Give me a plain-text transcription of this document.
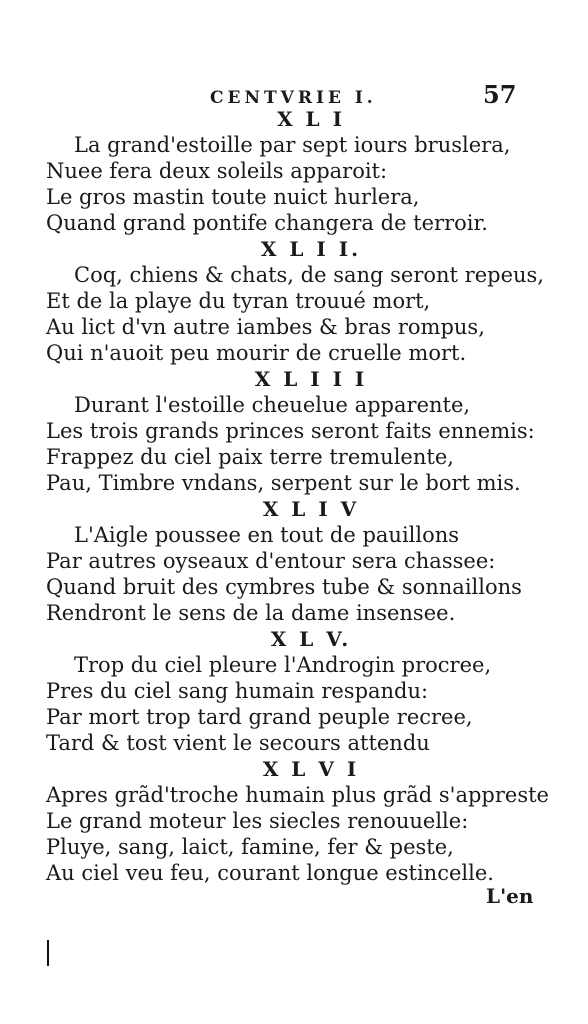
CENTVRIE I.	57
X L I
La grand'estoille par sept iours bruslera,
Nuee fera deux soleils apparoit:
Le gros mastin toute nuict hurlera,
Quand grand pontife changera de terroir.
X L I I.
Coq, chiens & chats, de sang seront repeus,
Et de la playe du tyran trouué mort,
Au lict d'vn autre iambes & bras rompus,
Qui n'auoit peu mourir de cruelle mort.
X L I I I
Durant l'estoille cheuelue apparente,
Les trois grands princes seront faits ennemis:
Frappez du ciel paix terre tremulente,
Pau, Timbre vndans, serpent sur le bort mis.
X L I V
L'Aigle poussee en tout de pauillons
Par autres oyseaux d'entour sera chassee:
Quand bruit des cymbres tube & sonnaillons
Rendront le sens de la dame insensee.
X L V.
Trop du ciel pleure l'Androgin procree,
Pres du ciel sang humain respandu:
Par mort trop tard grand peuple recree,
Tard & tost vient le secours attendu
X L V I
Apres grãd'troche humain plus grãd s'appreste
Le grand moteur les siecles renouuelle:
Pluye, sang, laict, famine, fer & peste,
Au ciel veu feu, courant longue estincelle.
L'en
